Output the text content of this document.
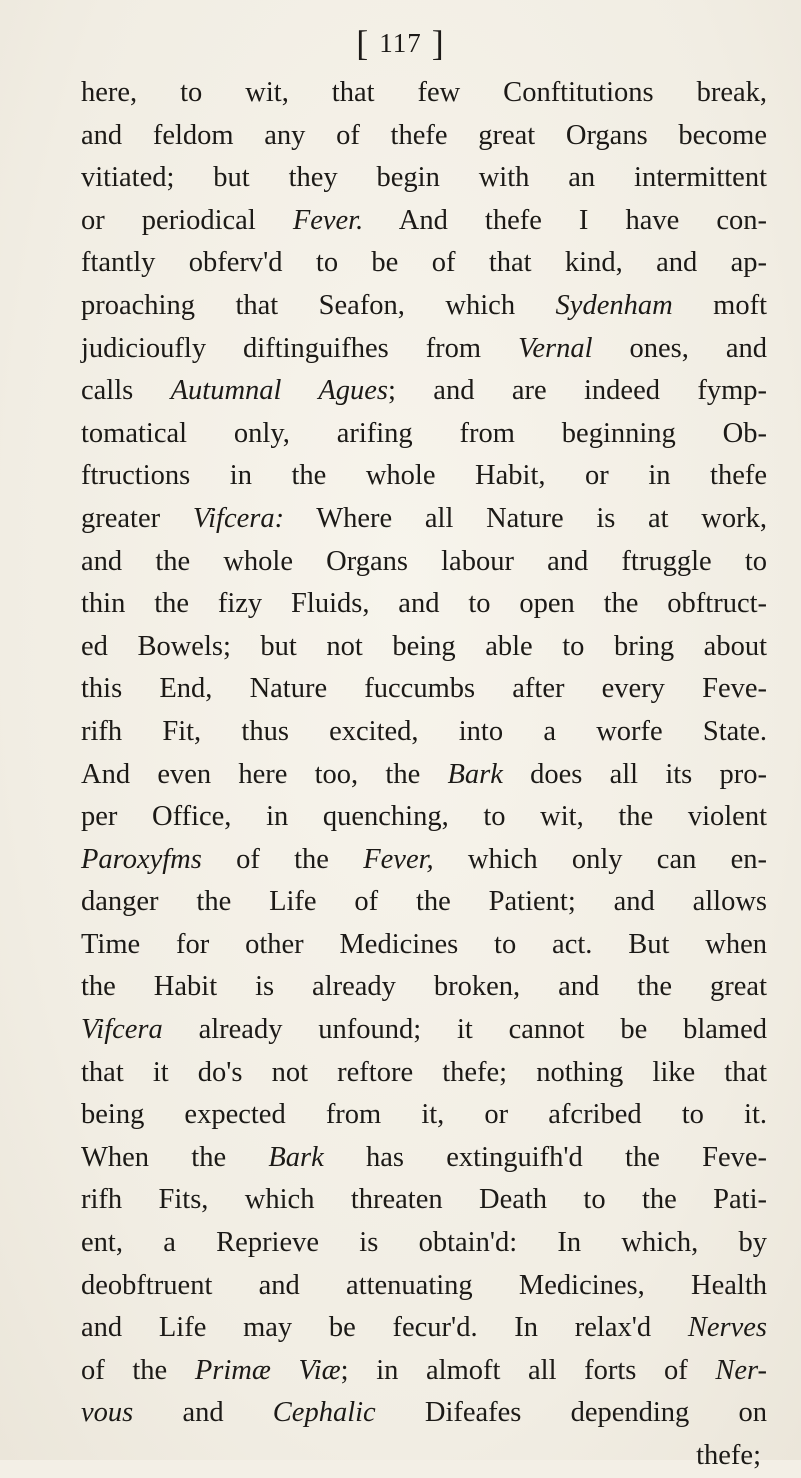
[ 117 ]
here, to wit, that few Conftitutions break,
and feldom any of thefe great Organs become
vitiated; but they begin with an intermittent
or periodical Fever. And thefe I have con-
ftantly obferv'd to be of that kind, and ap-
proaching that Seafon, which Sydenham moft
judicioufly diftinguifhes from Vernal ones, and
calls Autumnal Agues; and are indeed fymp-
tomatical only, arifing from beginning Ob-
ftructions in the whole Habit, or in thefe
greater Vifcera: Where all Nature is at work,
and the whole Organs labour and ftruggle to
thin the fizy Fluids, and to open the obftruct-
ed Bowels; but not being able to bring about
this End, Nature fuccumbs after every Feve-
rifh Fit, thus excited, into a worfe State.
And even here too, the Bark does all its pro-
per Office, in quenching, to wit, the violent
Paroxyfms of the Fever, which only can en-
danger the Life of the Patient; and allows
Time for other Medicines to act. But when
the Habit is already broken, and the great
Vifcera already unfound; it cannot be blamed
that it do's not reftore thefe; nothing like that
being expected from it, or afcribed to it.
When the Bark has extinguifh'd the Feve-
rifh Fits, which threaten Death to the Pati-
ent, a Reprieve is obtain'd: In which, by
deobftruent and attenuating Medicines, Health
and Life may be fecur'd. In relax'd Nerves
of the Primæ Viæ; in almoft all forts of Ner-
vous and Cephalic Difeafes depending on
thefe;
